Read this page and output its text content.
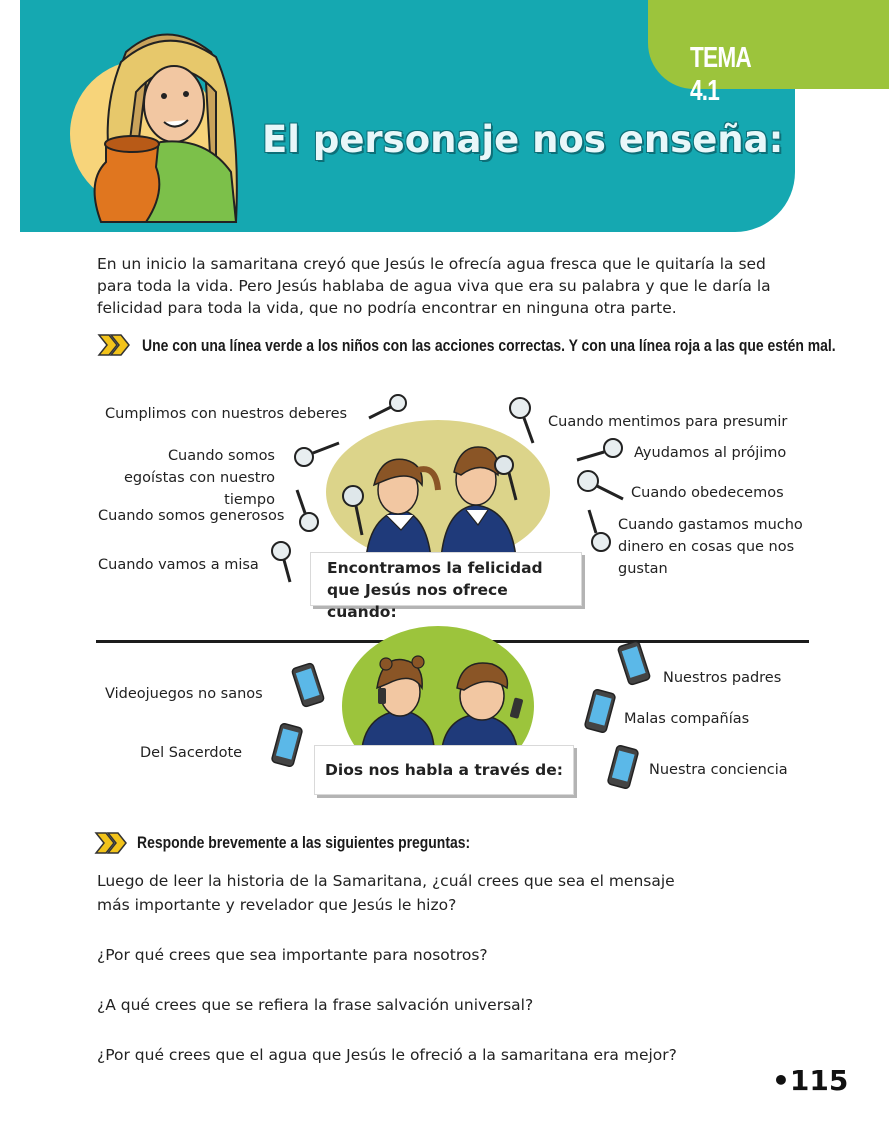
TEMA 4.1
El personaje nos enseña:
En un inicio la samaritana creyó que Jesús le ofrecía agua fresca que le quitaría la sed para toda la vida. Pero Jesús hablaba de agua viva que era su palabra y que le daría la felicidad para toda la vida, que no podría encontrar en ninguna otra parte.
Une con una línea verde a los niños con las acciones correctas. Y con una línea roja a las que estén mal.
Cumplimos con nuestros deberes
Cuando somos egoístas con nuestro tiempo
Cuando somos generosos
Cuando vamos a misa
Cuando mentimos para presumir
Ayudamos al prójimo
Cuando obedecemos
Cuando gastamos mucho dinero en cosas que nos gustan
Encontramos la felicidad que Jesús nos ofrece cuando:
Videojuegos no sanos
Del Sacerdote
Nuestros padres
Malas compañías
Nuestra conciencia
Dios nos habla a través de:
Responde brevemente a las siguientes preguntas:
Luego de leer la historia de la Samaritana, ¿cuál crees que sea el mensaje más importante y revelador que Jesús le hizo?
¿Por qué crees que sea importante para nosotros?
¿A qué crees que se refiera la frase salvación universal?
¿Por qué crees que el agua que Jesús le ofreció a la samaritana era mejor?
•115
